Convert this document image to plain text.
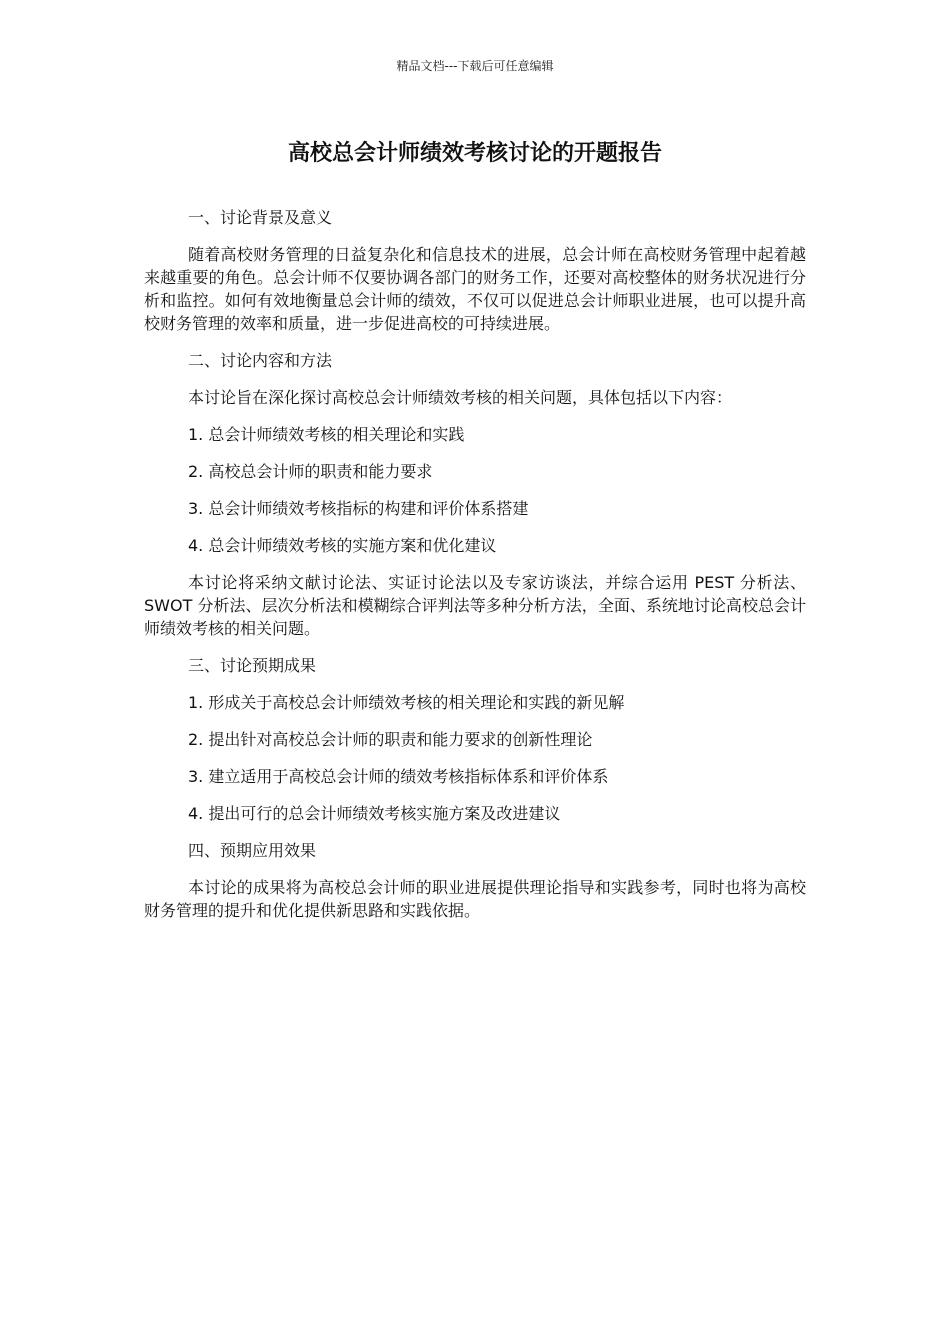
精品文档---下载后可任意编辑
高校总会计师绩效考核讨论的开题报告
一、讨论背景及意义
随着高校财务管理的日益复杂化和信息技术的进展，总会计师在高校财务管理中起着越来越重要的角色。总会计师不仅要协调各部门的财务工作，还要对高校整体的财务状况进行分析和监控。如何有效地衡量总会计师的绩效，不仅可以促进总会计师职业进展，也可以提升高校财务管理的效率和质量，进一步促进高校的可持续进展。
二、讨论内容和方法
本讨论旨在深化探讨高校总会计师绩效考核的相关问题，具体包括以下内容：
1. 总会计师绩效考核的相关理论和实践
2. 高校总会计师的职责和能力要求
3. 总会计师绩效考核指标的构建和评价体系搭建
4. 总会计师绩效考核的实施方案和优化建议
本讨论将采纳文献讨论法、实证讨论法以及专家访谈法，并综合运用 PEST 分析法、SWOT 分析法、层次分析法和模糊综合评判法等多种分析方法，全面、系统地讨论高校总会计师绩效考核的相关问题。
三、讨论预期成果
1. 形成关于高校总会计师绩效考核的相关理论和实践的新见解
2. 提出针对高校总会计师的职责和能力要求的创新性理论
3. 建立适用于高校总会计师的绩效考核指标体系和评价体系
4. 提出可行的总会计师绩效考核实施方案及改进建议
四、预期应用效果
本讨论的成果将为高校总会计师的职业进展提供理论指导和实践参考，同时也将为高校财务管理的提升和优化提供新思路和实践依据。
